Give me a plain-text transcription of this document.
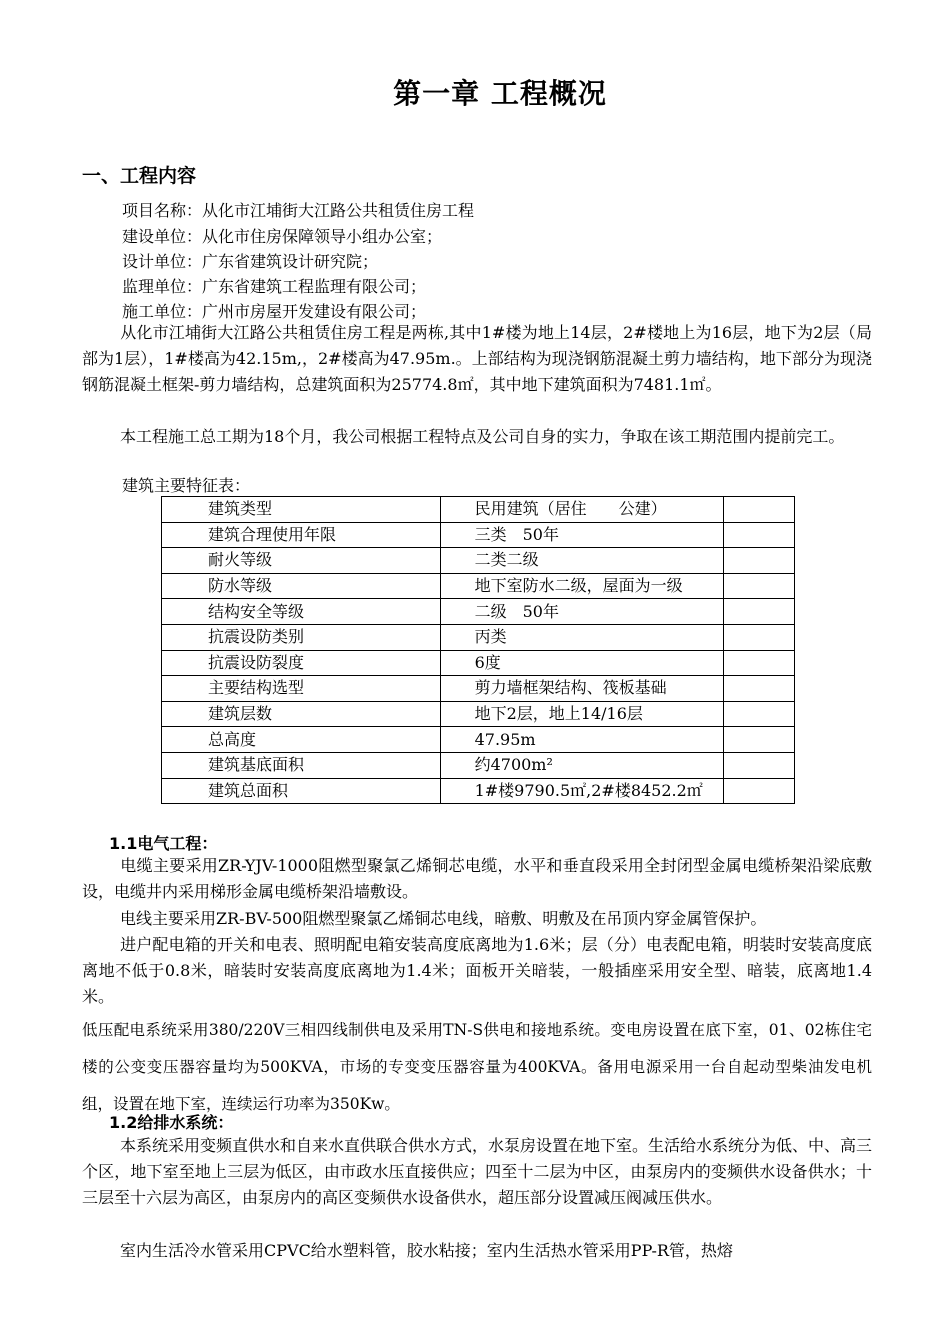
第一章 工程概况
一、工程内容
项目名称：从化市江埔街大江路公共租赁住房工程
建设单位：从化市住房保障领导小组办公室；
设计单位：广东省建筑设计研究院；
监理单位：广东省建筑工程监理有限公司；
施工单位：广州市房屋开发建设有限公司；
从化市江埔街大江路公共租赁住房工程是两栋,其中1#楼为地上14层，2#楼地上为16层，地下为2层（局部为1层），1#楼高为42.15m,，2#楼高为47.95m.。上部结构为现浇钢筋混凝土剪力墙结构，地下部分为现浇钢筋混凝土框架-剪力墙结构，总建筑面积为25774.8㎡，其中地下建筑面积为7481.1㎡。
本工程施工总工期为18个月，我公司根据工程特点及公司自身的实力，争取在该工期范围内提前完工。
建筑主要特征表：
建筑类型	民用建筑（居住　　公建）	
建筑合理使用年限	三类　50年	
耐火等级	二类二级	
防水等级	地下室防水二级，屋面为一级	
结构安全等级	二级　50年	
抗震设防类别	丙类	
抗震设防裂度	6度	
主要结构选型	剪力墙框架结构、筏板基础	
建筑层数	地下2层，地上14/16层	
总高度	47.95m	
建筑基底面积	约4700m²	
建筑总面积	1#楼9790.5㎡,2#楼8452.2㎡	
1.1电气工程：
电缆主要采用ZR-YJV-1000阻燃型聚氯乙烯铜芯电缆，水平和垂直段采用全封闭型金属电缆桥架沿梁底敷设，电缆井内采用梯形金属电缆桥架沿墙敷设。
电线主要采用ZR-BV-500阻燃型聚氯乙烯铜芯电线，暗敷、明敷及在吊顶内穿金属管保护。
进户配电箱的开关和电表、照明配电箱安装高度底离地为1.6米；层（分）电表配电箱，明装时安装高度底离地不低于0.8米，暗装时安装高度底离地为1.4米；面板开关暗装，一般插座采用安全型、暗装，底离地1.4米。
低压配电系统采用380/220V三相四线制供电及采用TN-S供电和接地系统。变电房设置在底下室，01、02栋住宅楼的公变变压器容量均为500KVA，市场的专变变压器容量为400KVA。备用电源采用一台自起动型柴油发电机组，设置在地下室，连续运行功率为350Kw。
1.2给排水系统：
本系统采用变频直供水和自来水直供联合供水方式，水泵房设置在地下室。生活给水系统分为低、中、高三个区，地下室至地上三层为低区，由市政水压直接供应；四至十二层为中区，由泵房内的变频供水设备供水；十三层至十六层为高区，由泵房内的高区变频供水设备供水，超压部分设置减压阀减压供水。
室内生活冷水管采用CPVC给水塑料管，胶水粘接；室内生活热水管采用PP-R管，热熔
